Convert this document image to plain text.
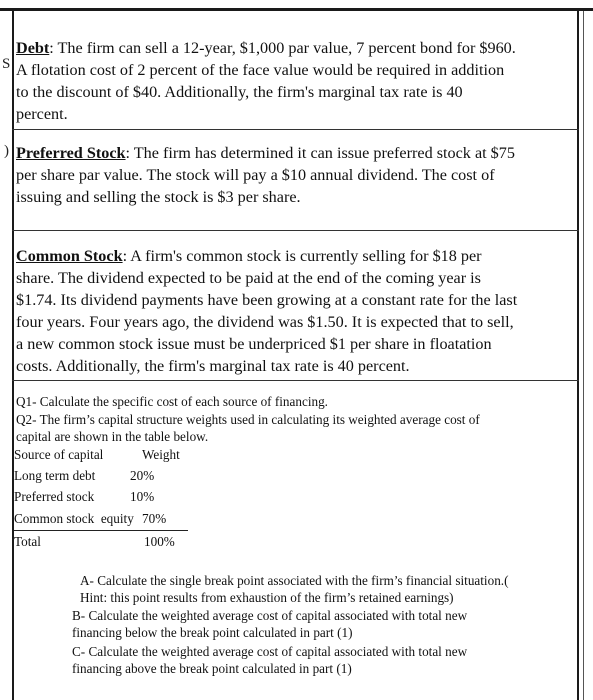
S
)

Debt: The firm can sell a 12-year, $1,000 par value, 7 percent bond for $960.
A flotation cost of 2 percent of the face value would be required in addition
to the discount of $40. Additionally, the firm's marginal tax rate is 40
percent.

Preferred Stock: The firm has determined it can issue preferred stock at $75
per share par value. The stock will pay a $10 annual dividend. The cost of
issuing and selling the stock is $3 per share.

Common Stock: A firm's common stock is currently selling for $18 per
share. The dividend expected to be paid at the end of the coming year is
$1.74. Its dividend payments have been growing at a constant rate for the last
four years. Four years ago, the dividend was $1.50. It is expected that to sell,
a new common stock issue must be underpriced $1 per share in floatation
costs. Additionally, the firm's marginal tax rate is 40 percent.

Q1- Calculate the specific cost of each source of financing.

Q2- The firm’s capital structure weights used in calculating its weighted average cost of

capital are shown in the table below.

Source of capital	Weight
Long term debt	20%
Preferred stock	10%
Common stock  equity 70%
Total	100%

A- Calculate the single break point associated with the firm’s financial situation.(
Hint: this point results from exhaustion of the firm’s retained earnings)

B- Calculate the weighted average cost of capital associated with total new
financing below the break point calculated in part (1)

C- Calculate the weighted average cost of capital associated with total new
financing above the break point calculated in part (1)
